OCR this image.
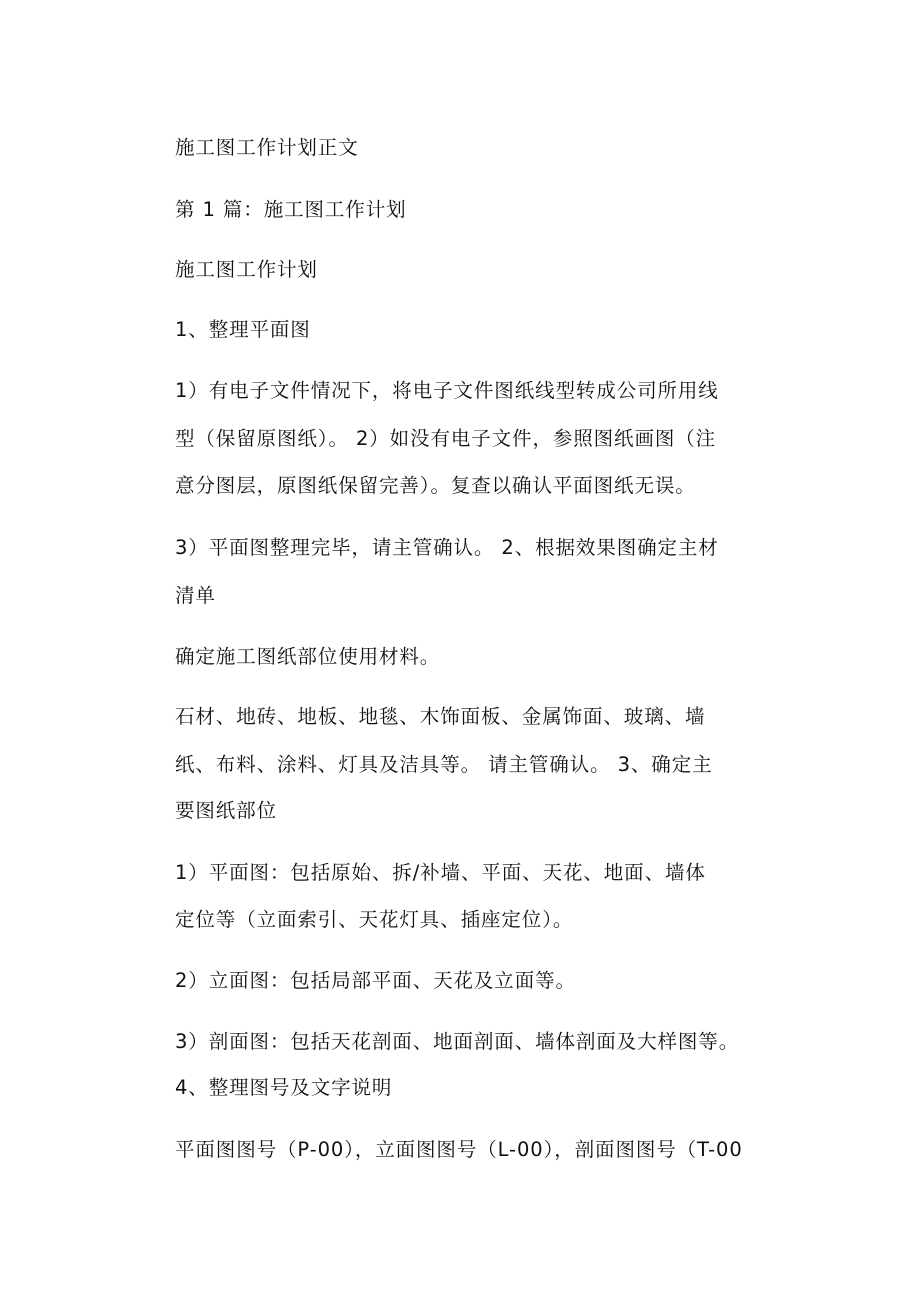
施工图工作计划正文
第 1 篇：施工图工作计划
施工图工作计划
1、整理平面图
1）有电子文件情况下，将电子文件图纸线型转成公司所用线
型（保留原图纸）。 2）如没有电子文件，参照图纸画图（注
意分图层，原图纸保留完善）。复查以确认平面图纸无误。
3）平面图整理完毕，请主管确认。 2、根据效果图确定主材
清单
确定施工图纸部位使用材料。
石材、地砖、地板、地毯、木饰面板、金属饰面、玻璃、墙
纸、布料、涂料、灯具及洁具等。 请主管确认。 3、确定主
要图纸部位
1）平面图：包括原始、拆/补墙、平面、天花、地面、墙体
定位等（立面索引、天花灯具、插座定位）。
2）立面图：包括局部平面、天花及立面等。
3）剖面图：包括天花剖面、地面剖面、墙体剖面及大样图等。
4、整理图号及文字说明
平面图图号（P-00），立面图图号（L-00），剖面图图号（T-00
